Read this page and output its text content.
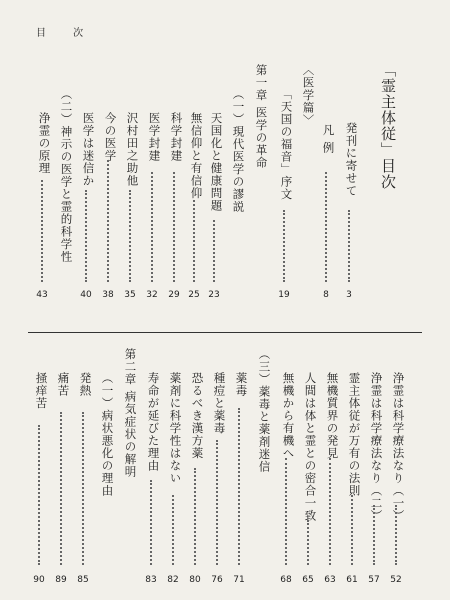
目 次
「霊主体従」目次
発刊に寄せて
3
凡 例
8
〈医学篇〉
「天国の福音」序文
19
第一章 医学の革命
（一）現代医学の謬説
天国化と健康問題
23
無信仰と有信仰
25
科学封建
29
医学封建
32
沢村田之助他
35
今の医学
38
医学は迷信か
40
（二）神示の医学と霊的科学性
浄霊の原理
43
浄霊は科学療法なり（一）
52
浄霊は科学療法なり（二）
57
霊主体従が万有の法則
61
無機質界の発見
63
人間は体と霊との密合一致
65
無機から有機へ
68
（三）薬毒と薬剤迷信
薬毒
71
種痘と薬毒
76
恐るべき漢方薬
80
薬剤に科学性はない
82
寿命が延びた理由
83
第二章 病気症状の解明
（一）病状悪化の理由
発熱
85
痛苦
89
掻痒苦
90
